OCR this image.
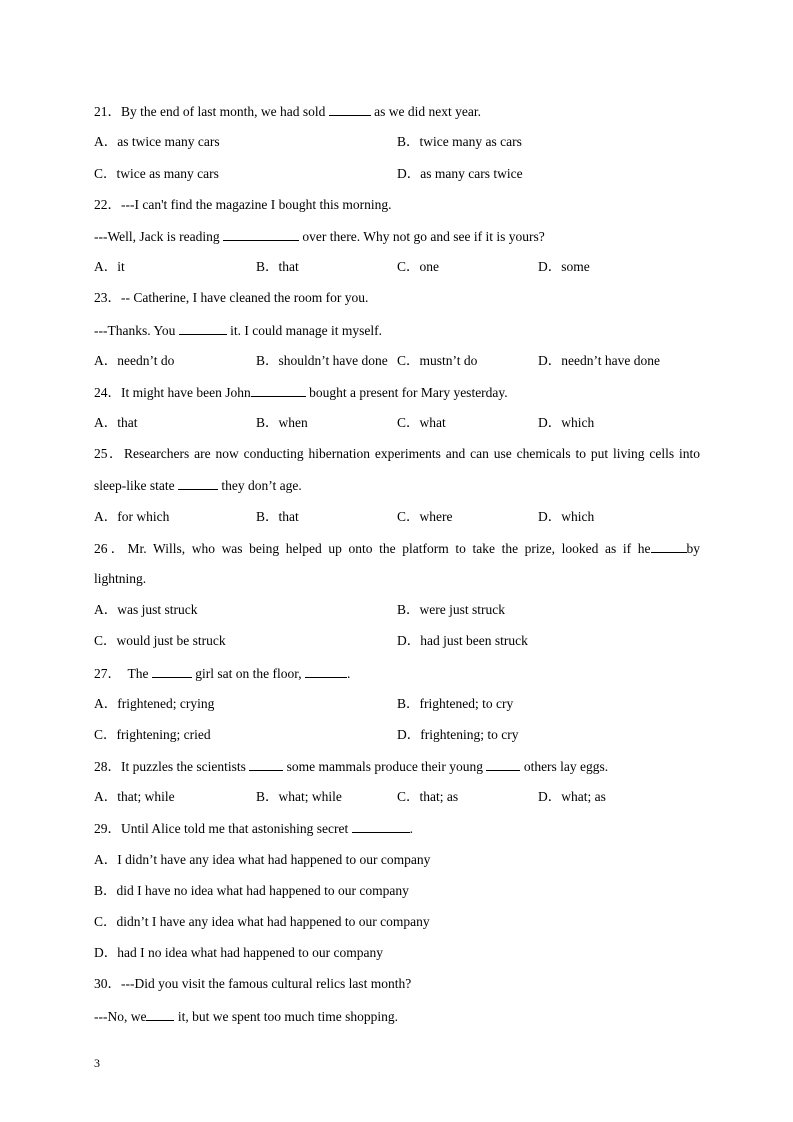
21．By the end of last month, we had sold	as we did next year.
A．as twice many cars	B．twice many as cars
C．twice as many cars	D．as many cars twice
22．---I can't find the magazine I bought this morning.
---Well, Jack is reading	over there. Why not go and see if it is yours?
A．it	B．that	C．one	D．some
23．-- Catherine, I have cleaned the room for you.
---Thanks. You	it. I could manage it myself.
A．needn’t do	B．shouldn’t have done C．mustn’t do	D．needn’t have done
24．It might have been John	bought a present for Mary yesterday.
A．that	B．when	C．what	D．which
25．Researchers are now conducting hibernation experiments and can use chemicals to put living cells into
sleep-like state	they don’t age.
A．for which	B．that	C．where	D．which
26．Mr. Wills, who was being helped up onto the platform to take the prize, looked as if he	by
lightning.
A．was just struck	B．were just struck
C．would just be struck	D．had just been struck
27．  The	girl sat on the floor,	.
A．frightened; crying	B．frightened; to cry
C．frightening; cried	D．frightening; to cry
28．It puzzles the scientists	some mammals produce their young	others lay eggs.
A．that; while	B．what; while	C．that; as	D．what; as
29．Until Alice told me that astonishing secret	.
A．I didn’t have any idea what had happened to our company
B．did I have no idea what had happened to our company
C．didn’t I have any idea what had happened to our company
D．had I no idea what had happened to our company
30．---Did you visit the famous cultural relics last month?
---No, we it, but we spent too much time shopping.
3
